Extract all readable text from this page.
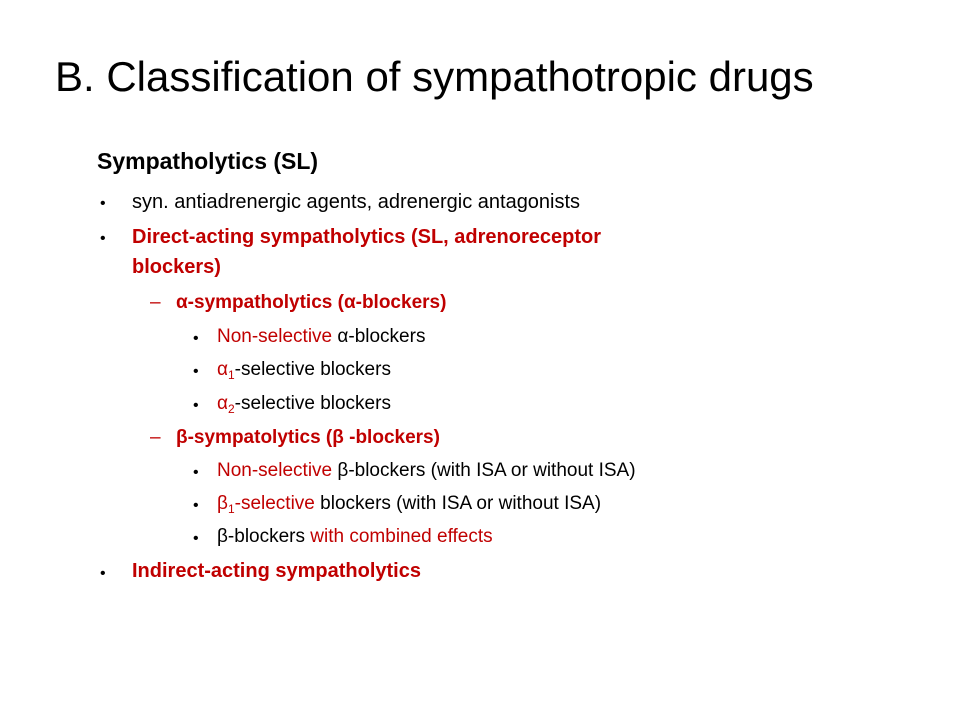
B. Classification of sympathotropic drugs
Sympatholytics (SL)
• syn. antiadrenergic agents, adrenergic antagonists
• Direct-acting sympatholytics (SL, adrenoreceptor
blockers)
– α-sympatholytics (α-blockers)
• Non-selective α-blockers
• $\alpha_1$-selective blockers
• $\alpha_2$-selective blockers
– β-sympatolytics (β -blockers)
• Non-selective β-blockers (with ISA or without ISA)
• $\beta_1$-selective blockers (with ISA or without ISA)
• β-blockers with combined effects
• Indirect-acting sympatholytics
